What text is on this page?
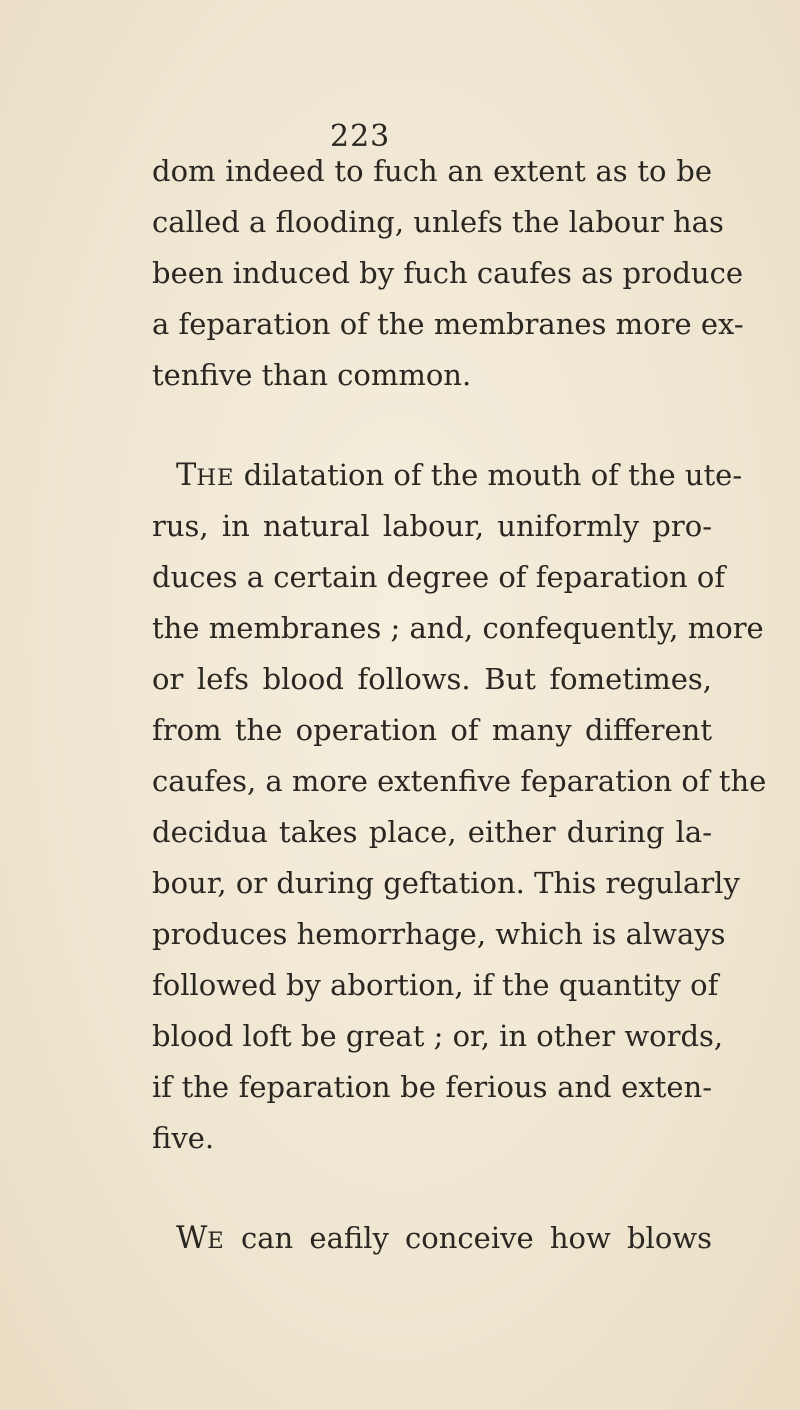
223
dom indeed to fuch an extent as to be
called a flooding, unlefs the labour has
been induced by fuch caufes as produce
a feparation of the membranes more ex-
tenfive than common.
THE dilatation of the mouth of the ute-
rus, in natural labour, uniformly pro-
duces a certain degree of feparation of
the membranes ; and, confequently, more
or lefs blood follows. But fometimes,
from the operation of many different
caufes, a more extenfive feparation of the
decidua takes place, either during la-
bour, or during geftation. This regularly
produces hemorrhage, which is always
followed by abortion, if the quantity of
blood loft be great ; or, in other words,
if the feparation be ferious and exten-
five.
WE can eafily conceive how blows
